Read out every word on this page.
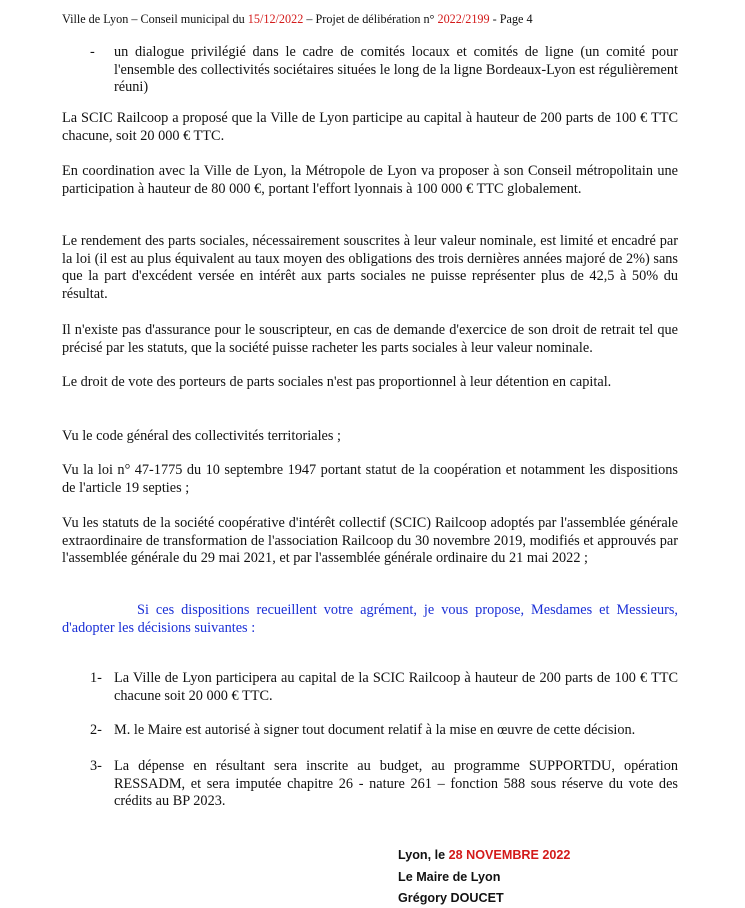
Ville de Lyon – Conseil municipal du 15/12/2022 – Projet de délibération n° 2022/2199 - Page 4
- un dialogue privilégié dans le cadre de comités locaux et comités de ligne (un comité pour l'ensemble des collectivités sociétaires situées le long de la ligne Bordeaux-Lyon est régulièrement réuni)
La SCIC Railcoop a proposé que la Ville de Lyon participe au capital à hauteur de 200 parts de 100 € TTC chacune, soit 20 000 € TTC.
En coordination avec la Ville de Lyon, la Métropole de Lyon va proposer à son Conseil métropolitain une participation à hauteur de 80 000 €, portant l'effort lyonnais à 100 000 € TTC globalement.
Le rendement des parts sociales, nécessairement souscrites à leur valeur nominale, est limité et encadré par la loi (il est au plus équivalent au taux moyen des obligations des trois dernières années majoré de 2%) sans que la part d'excédent versée en intérêt aux parts sociales ne puisse représenter plus de 42,5 à 50% du résultat.
Il n'existe pas d'assurance pour le souscripteur, en cas de demande d'exercice de son droit de retrait tel que précisé par les statuts, que la société puisse racheter les parts sociales à leur valeur nominale.
Le droit de vote des porteurs de parts sociales n'est pas proportionnel à leur détention en capital.
Vu le code général des collectivités territoriales ;
Vu la loi n° 47-1775 du 10 septembre 1947 portant statut de la coopération et notamment les dispositions de l'article 19 septies ;
Vu les statuts de la société coopérative d'intérêt collectif (SCIC) Railcoop adoptés par l'assemblée générale extraordinaire de transformation de l'association Railcoop du 30 novembre 2019, modifiés et approuvés par l'assemblée générale du 29 mai 2021, et par l'assemblée générale ordinaire du 21 mai 2022 ;
Si ces dispositions recueillent votre agrément, je vous propose, Mesdames et Messieurs, d'adopter les décisions suivantes :
1- La Ville de Lyon participera au capital de la SCIC Railcoop à hauteur de 200 parts de 100 € TTC chacune soit 20 000 € TTC.
2- M. le Maire est autorisé à signer tout document relatif à la mise en œuvre de cette décision.
3- La dépense en résultant sera inscrite au budget, au programme SUPPORTDU, opération RESSADM, et sera imputée chapitre 26 - nature 261 – fonction 588 sous réserve du vote des crédits au BP 2023.
Lyon, le 28 NOVEMBRE 2022
Le Maire de Lyon
Grégory DOUCET
